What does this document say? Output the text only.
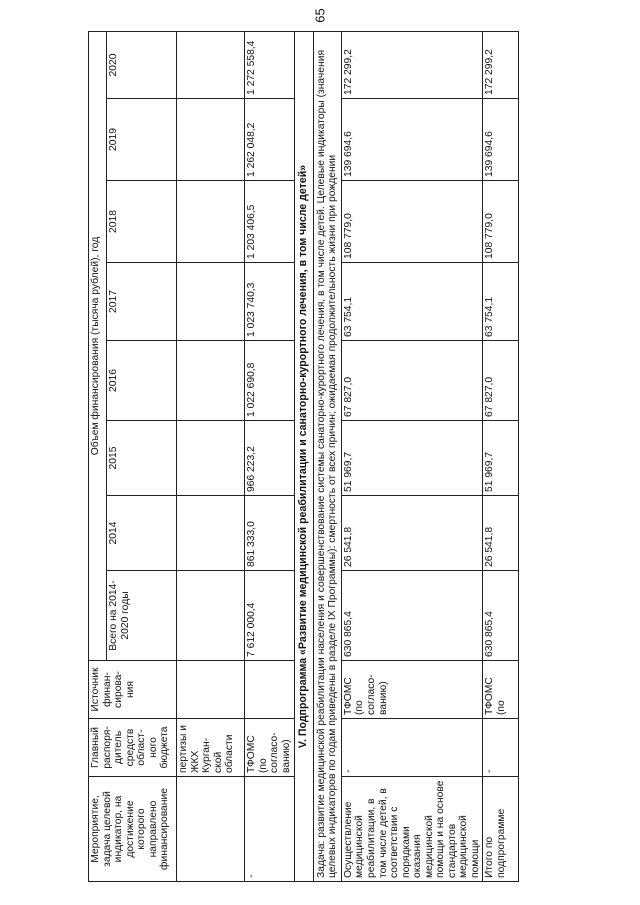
65
Мероприятие, задача целевой индикатор, на достижение которого направлено финансирование	Главный распоря-дитель средств област-ного бюджета	Источник финан-сирова-ния	Объем финансирования (тысяча рублей), год							
			Всего на 2014-2020 годы	2014	2015	2016	2017	2018	2019	2020
	пертизы и ЖКХ Курган-ской области									
-	ТФОМС (по согласо-ванию)		7 612 000,4	861 333,0	966 223,2	1 022 690,8	1 023 740,3	1 203 406,5	1 262 048,2	1 272 558,4
V. Подпрограмма «Развитие медицинской реабилитации и санаторно-курортного лечения, в том числе детей»										
Задача: развитие медицинской реабилитации населения и совершенствование системы санаторно-курортного лечения, в том числе детей. Целевые индикаторы (значения целевых индикаторов по годам приведены в разделе IX Программы): смертность от всех причин; ожидаемая продолжительность жизни при рождении										
Осуществление медицинской реабилитации, в том числе детей, в соответствии с порядками оказания медицинской помощи и на основе стандартов медицинской помощи	-	ТФОМС (по согласо-ванию)	630 865,4	26 541,8	51 969,7	67 827,0	63 754,1	108 779,0	139 694,6	172 299,2
Итого по подпрограмме	-	ТФОМС (по	630 865,4	26 541,8	51 969,7	67 827,0	63 754,1	108 779,0	139 694,6	172 299,2
